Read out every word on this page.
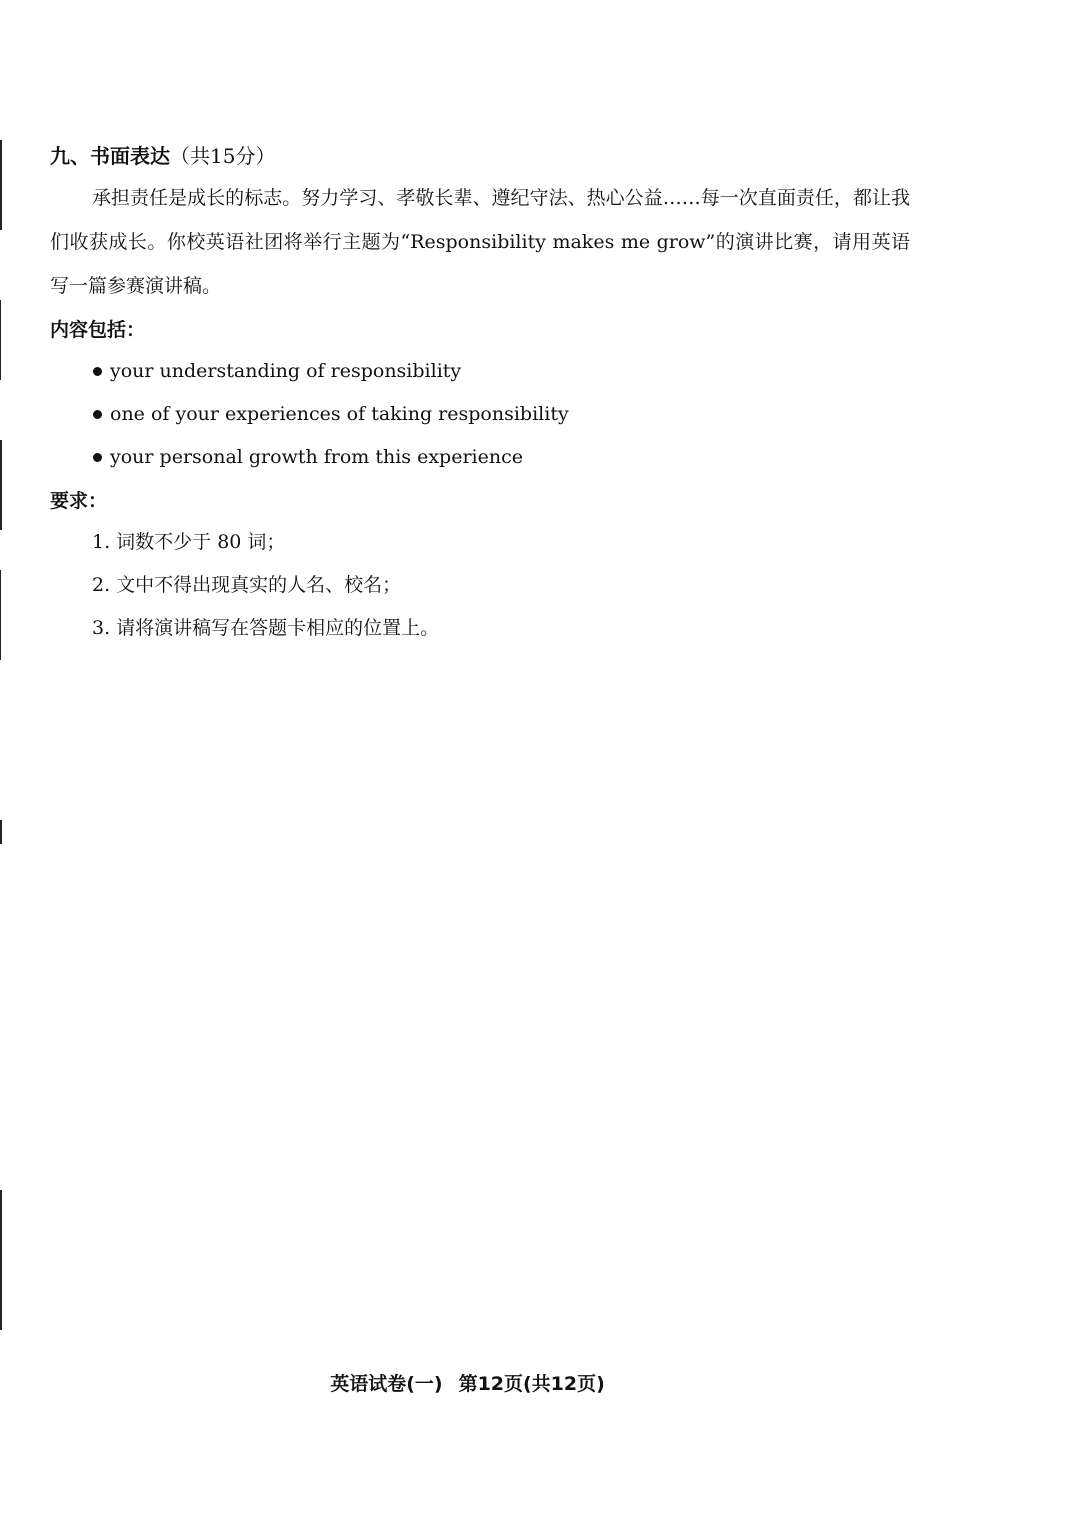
九、书面表达（共15分）

承担责任是成长的标志。努力学习、孝敬长辈、遵纪守法、热心公益……每一次直面责任，都让我们收获成长。你校英语社团将举行主题为“Responsibility makes me grow”的演讲比赛，请用英语写一篇参赛演讲稿。

内容包括：
your understanding of responsibility
one of your experiences of taking responsibility
your personal growth from this experience
要求：
1. 词数不少于 80 词；
2. 文中不得出现真实的人名、校名；
3. 请将演讲稿写在答题卡相应的位置上。
英语试卷(一) 第12页(共12页)
